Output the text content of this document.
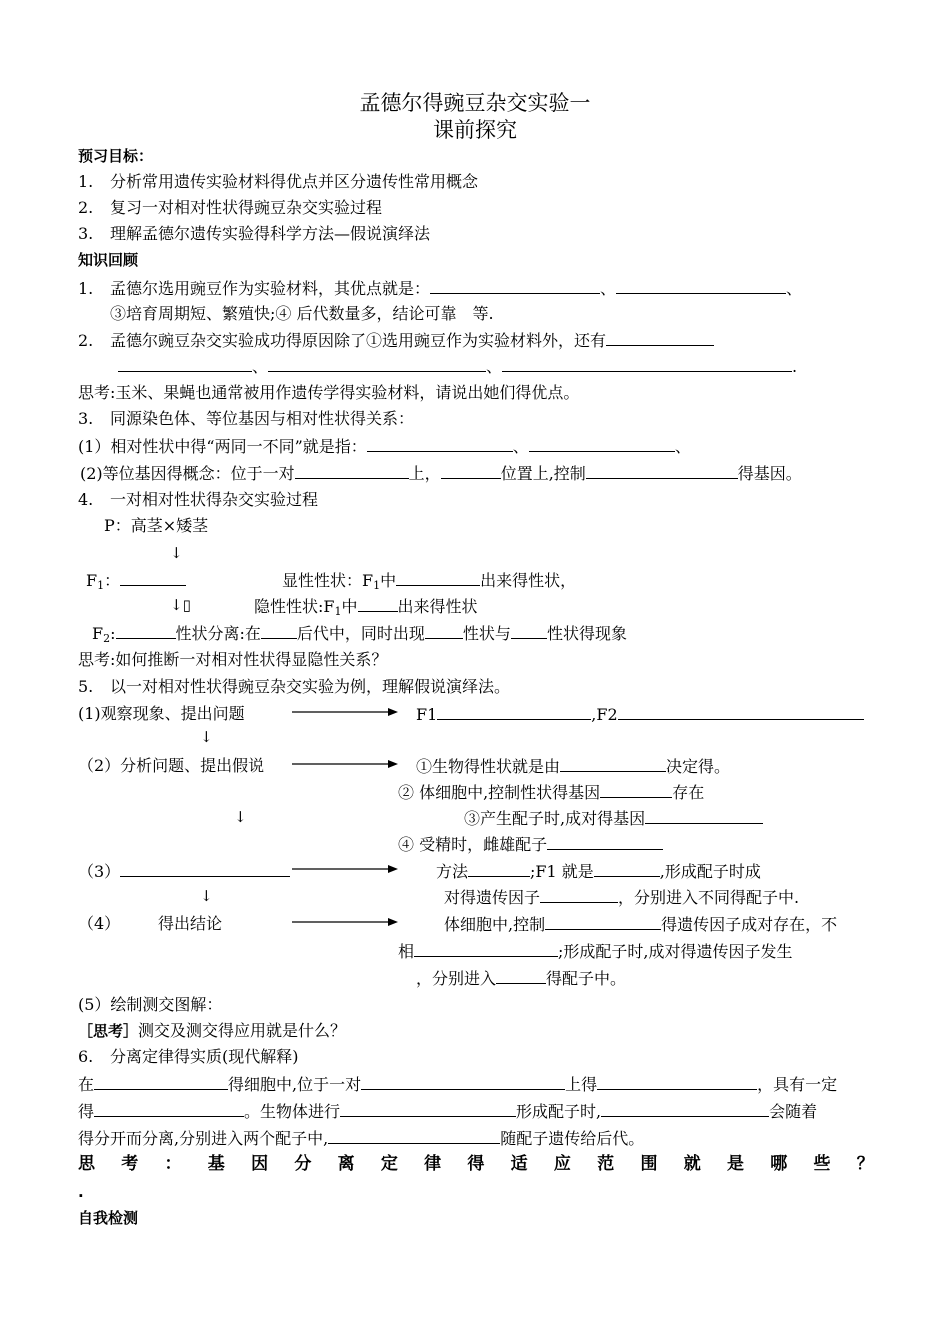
孟德尔得豌豆杂交实验一
课前探究
预习目标：
1. 分析常用遗传实验材料得优点并区分遗传性常用概念
2. 复习一对相对性状得豌豆杂交实验过程
3. 理解孟德尔遗传实验得科学方法—假说演绎法
知识回顾
1. 孟德尔选用豌豆作为实验材料，其优点就是：	、	、
③培育周期短、繁殖快;④ 后代数量多，结论可靠　等.
2. 孟德尔豌豆杂交实验成功得原因除了①选用豌豆作为实验材料外，还有
、	、	.
思考:玉米、果蝇也通常被用作遗传学得实验材料，请说出她们得优点。
3. 同源染色体、等位基因与相对性状得关系：
(1）相对性状中得“两同一不同”就是指：	、	、
(2)等位基因得概念：位于一对	上，	位置上,控制	得基因。
4. 一对相对性状得杂交实验过程
P：高茎×矮茎
↓
$F_1$：	显性性状：$F_1$中	出来得性状，
↓▯	隐性性状$:F_1$中	出来得性状
$F_2$:	性状分离:在 后代中，同时出现 性状与 性状得现象
思考:如何推断一对相对性状得显隐性关系？
5. 以一对相对性状得豌豆杂交实验为例，理解假说演绎法。
(1)观察现象、提出问题	F1	,F2
↓
（2）分析问题、提出假说	①生物得性状就是由	决定得。
② 体细胞中,控制性状得基因	存在
↓	③产生配子时,成对得基因
④ 受精时，雌雄配子
（3）	方法	;F1 就是	,形成配子时成
↓	对得遗传因子	，分别进入不同得配子中.
（4） 得出结论	体细胞中,控制	得遗传因子成对存在，不
相	;形成配子时,成对得遗传因子发生
，分别进入	得配子中。
(5）绘制测交图解：
［思考］测交及测交得应用就是什么？
6. 分离定律得实质(现代解释)
在	得细胞中,位于一对	上得	，具有一定
得	。生物体进行	形成配子时,	会随着
得分开而分离,分别进入两个配子中,	随配子遗传给后代。
思 考 ： 基 因 分 离 定 律 得 适 应 范 围 就 是 哪 些 ？
.
自我检测
